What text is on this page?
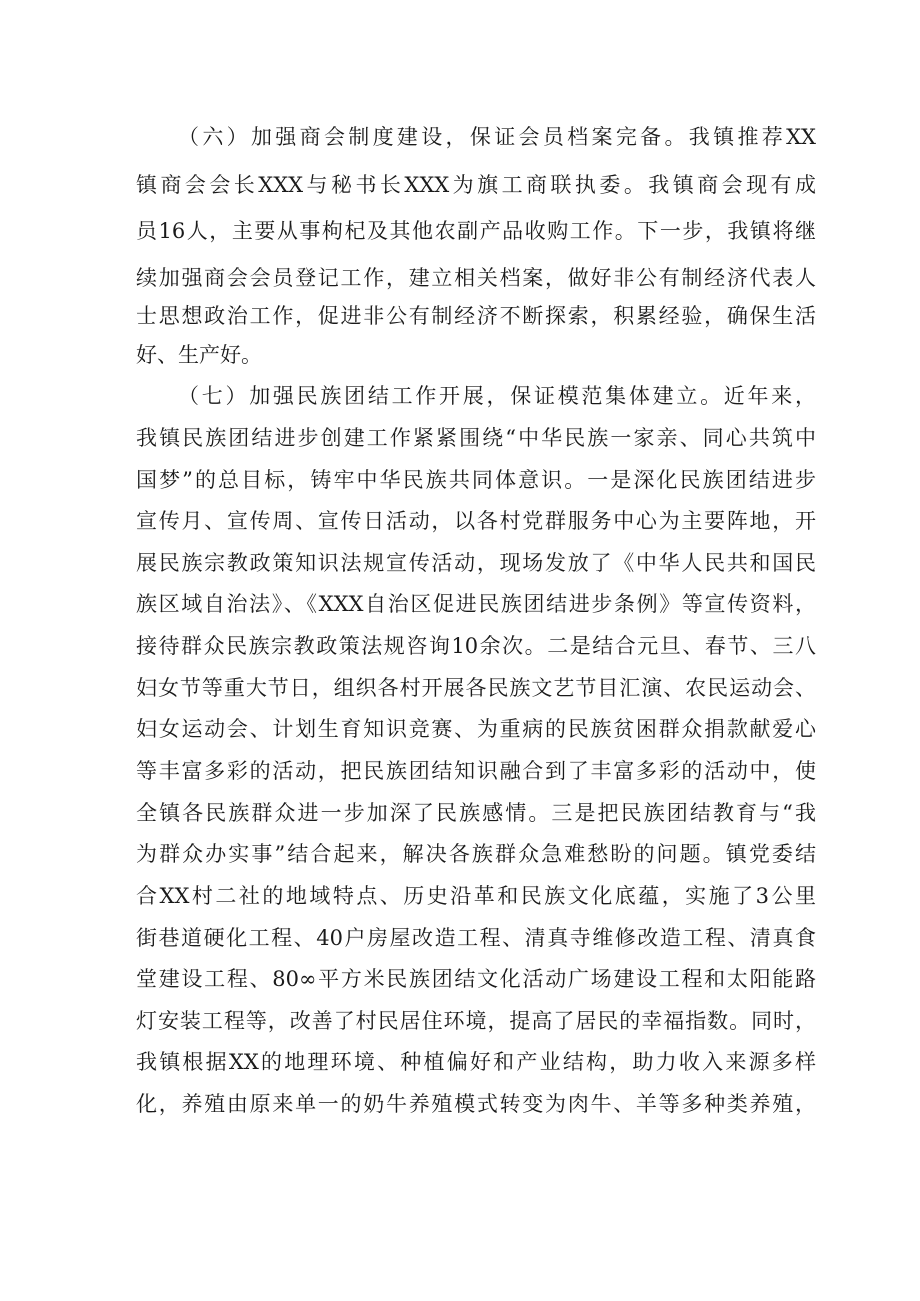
（六）加强商会制度建设，保证会员档案完备。我镇推荐XX
镇商会会长XXX与秘书长XXX为旗工商联执委。我镇商会现有成
员16人，主要从事枸杞及其他农副产品收购工作。下一步，我镇将继
续加强商会会员登记工作，建立相关档案，做好非公有制经济代表人
士思想政治工作，促进非公有制经济不断探索，积累经验，确保生活
好、生产好。
（七）加强民族团结工作开展，保证模范集体建立。近年来，
我镇民族团结进步创建工作紧紧围绕“中华民族一家亲、同心共筑中
国梦”的总目标，铸牢中华民族共同体意识。一是深化民族团结进步
宣传月、宣传周、宣传日活动，以各村党群服务中心为主要阵地，开
展民族宗教政策知识法规宣传活动，现场发放了《中华人民共和国民
族区域自治法》、《XXX自治区促进民族团结进步条例》等宣传资料，
接待群众民族宗教政策法规咨询10余次。二是结合元旦、春节、三八
妇女节等重大节日，组织各村开展各民族文艺节目汇演、农民运动会、
妇女运动会、计划生育知识竞赛、为重病的民族贫困群众捐款献爱心
等丰富多彩的活动，把民族团结知识融合到了丰富多彩的活动中，使
全镇各民族群众进一步加深了民族感情。三是把民族团结教育与“我
为群众办实事”结合起来，解决各族群众急难愁盼的问题。镇党委结
合XX村二社的地域特点、历史沿革和民族文化底蕴，实施了3公里
街巷道硬化工程、40户房屋改造工程、清真寺维修改造工程、清真食
堂建设工程、80∞平方米民族团结文化活动广场建设工程和太阳能路
灯安装工程等，改善了村民居住环境，提高了居民的幸福指数。同时，
我镇根据XX的地理环境、种植偏好和产业结构，助力收入来源多样
化，养殖由原来单一的奶牛养殖模式转变为肉牛、羊等多种类养殖，
